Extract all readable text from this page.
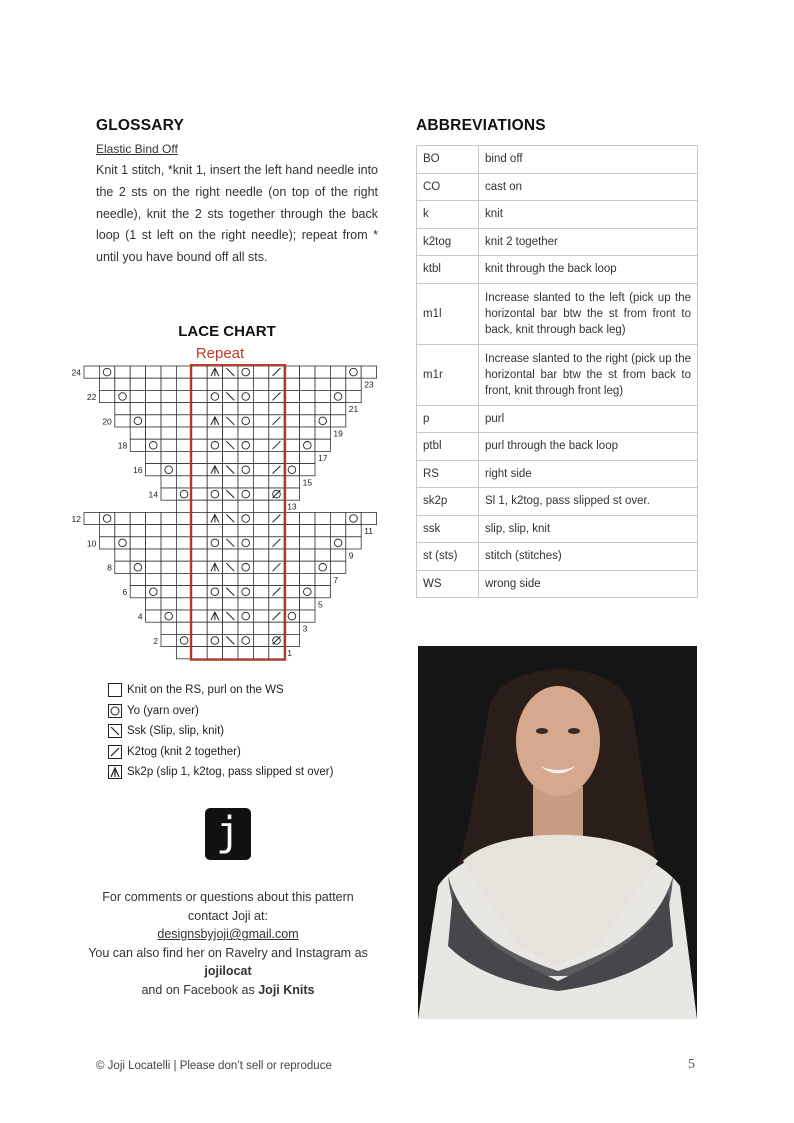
GLOSSARY
Elastic Bind Off

Knit 1 stitch, *knit 1, insert the left hand needle into the 2 sts on the right needle (on top of the right needle), knit the 2 sts together through the back loop (1 st left on the right needle); repeat from * until you have bound off all sts.

ABBREVIATIONS
BO	bind off
CO	cast on
k	knit
k2tog	knit 2 together
ktbl	knit through the back loop
m1l	Increase slanted to the left (pick up the horizontal bar btw the st from front to back, knit through back leg)
m1r	Increase slanted to the right (pick up the horizontal bar btw the st from back to front, knit through front leg)
p	purl
ptbl	purl through the back loop
RS	right side
sk2p	Sl 1, k2tog, pass slipped st over.
ssk	slip, slip, knit
st (sts)	stitch (stitches)
WS	wrong side
LACE CHART
Repeat
24
23
22
21
20
19
18
17
16
15
14
13
12
11
10
9
8
7
6
5
4
3
2
1
Knit on the RS, purl on the WS
Yo (yarn over)
Ssk (Slip, slip, knit)
K2tog (knit 2 together)
Sk2p (slip 1, k2tog, pass slipped st over)
j
For comments or questions about this pattern
contact Joji at:
designsbyjoji@gmail.com
You can also find her on Ravelry and Instagram as
jojilocat
and on Facebook as Joji Knits
© Joji Locatelli | Please don’t sell or reproduce	5
